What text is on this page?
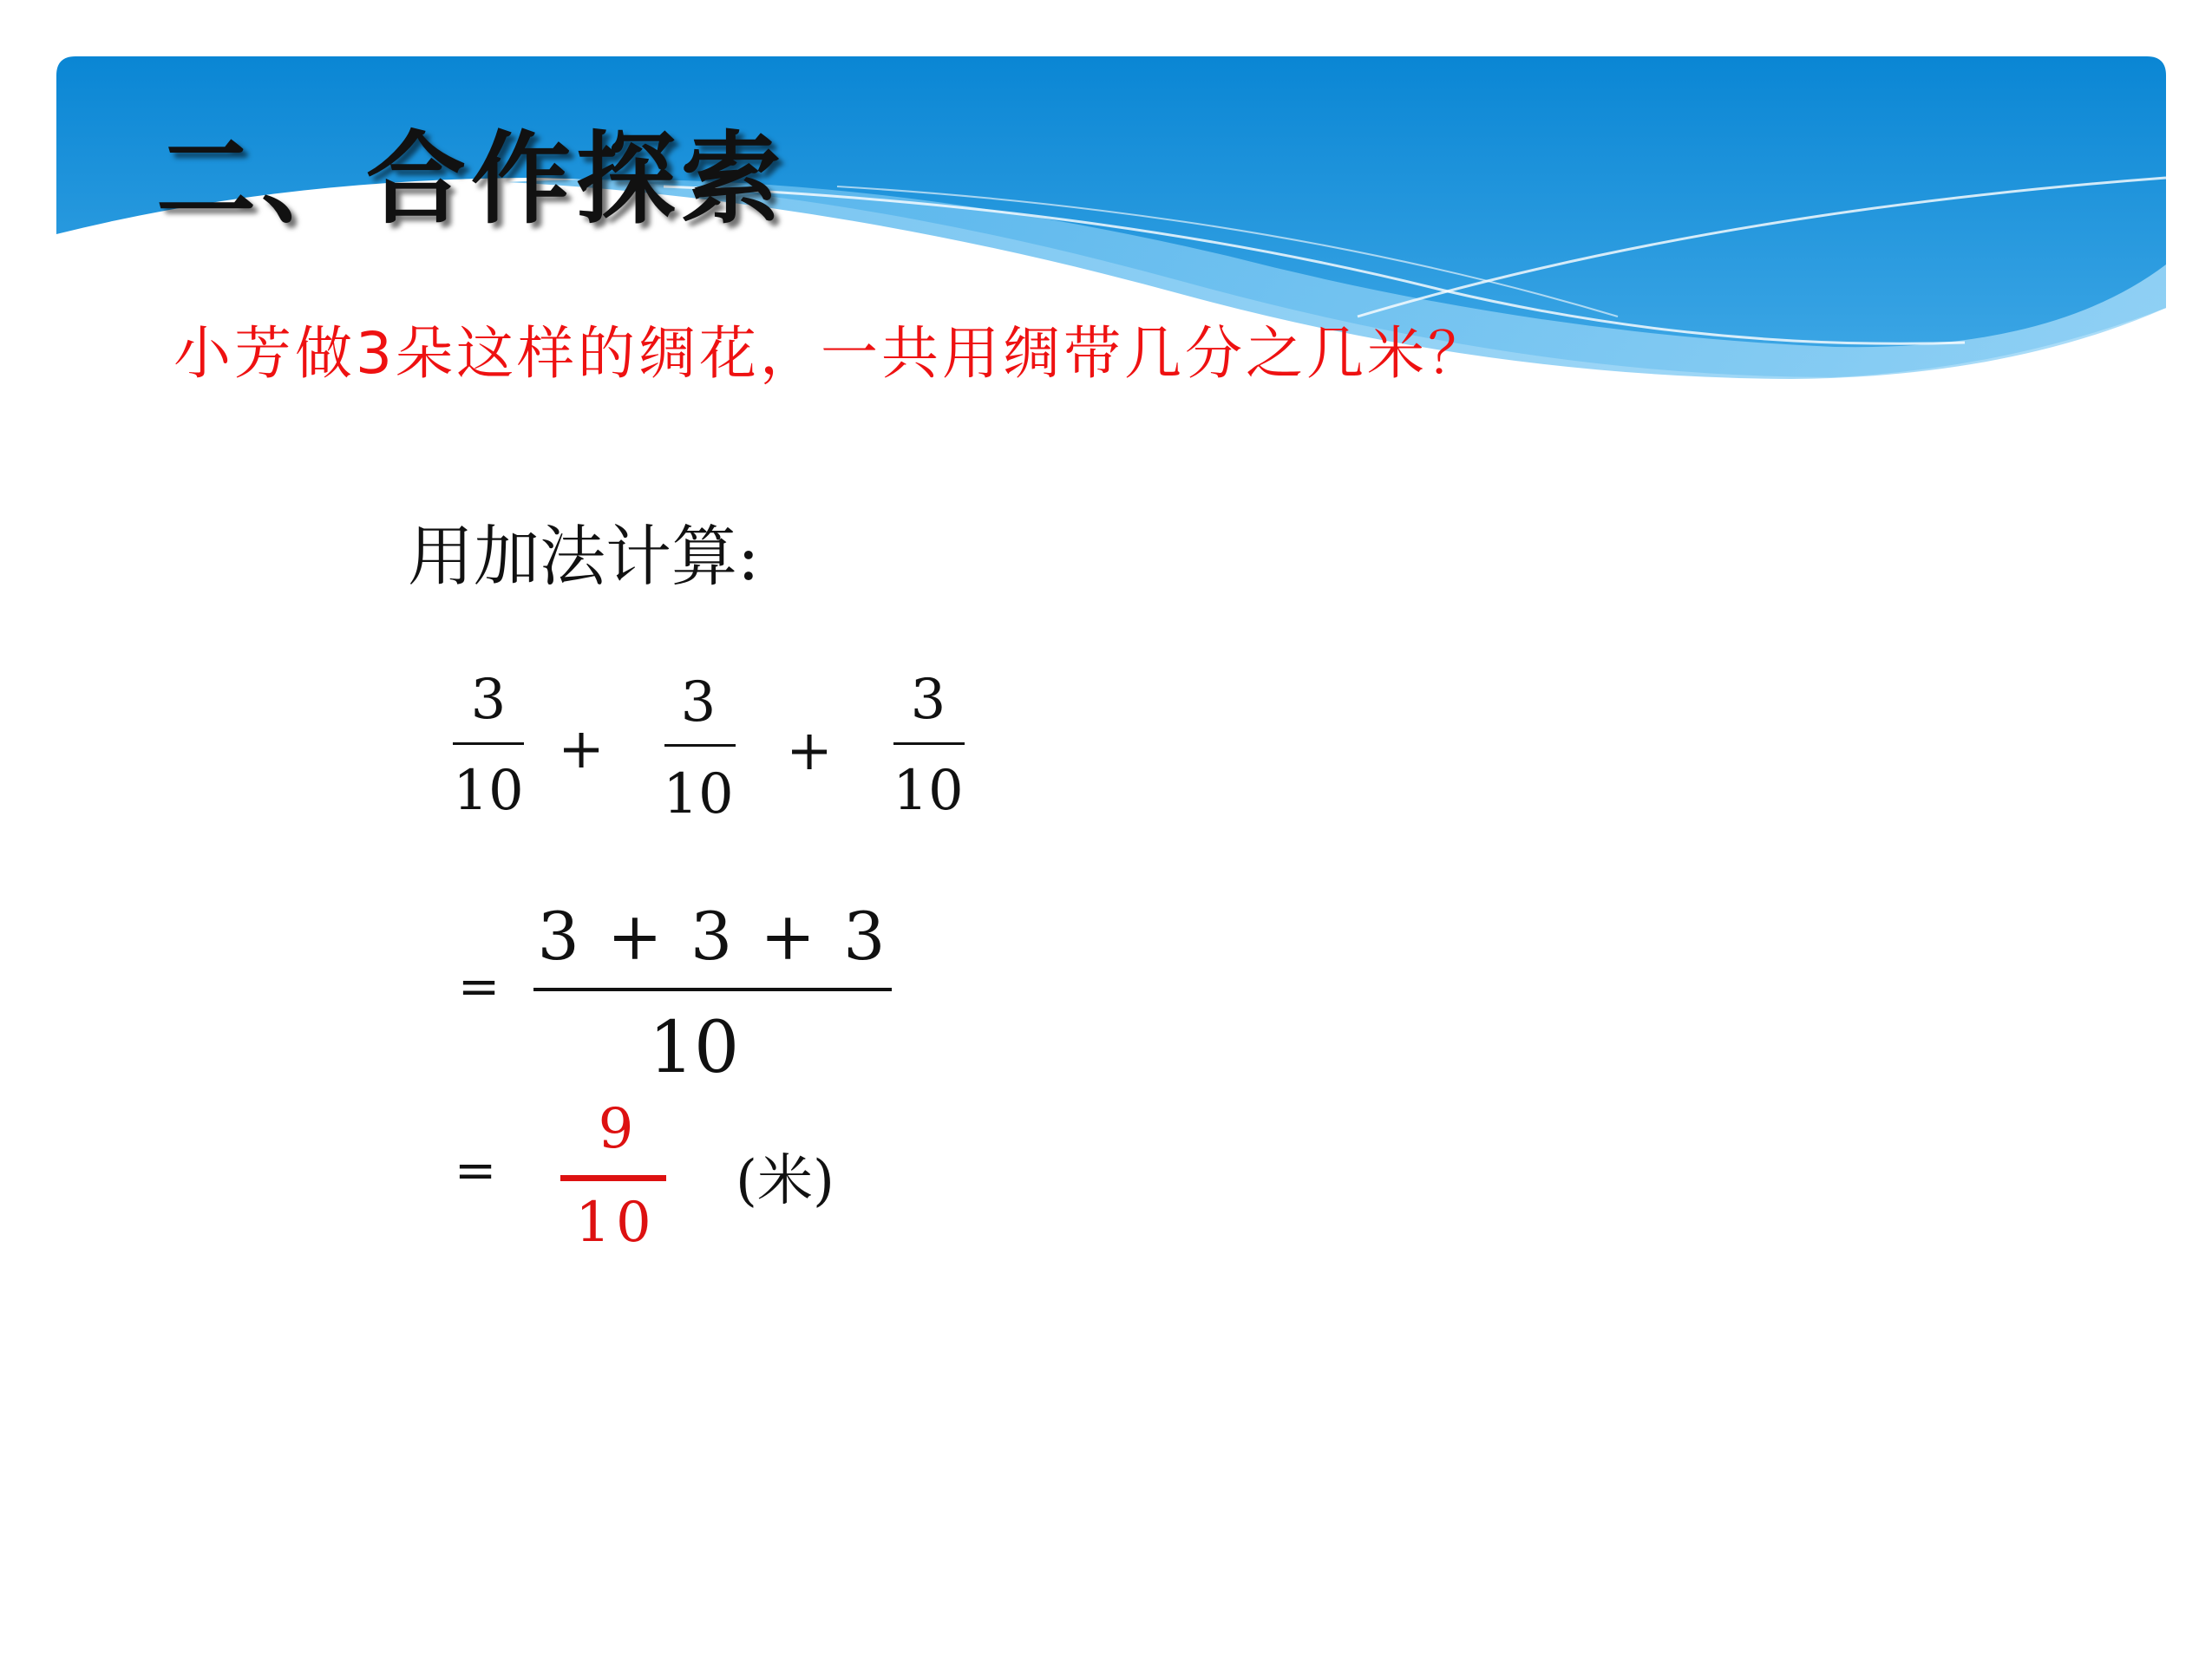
二、合作探索
小芳做3朵这样的绸花，一共用绸带几分之几米？
用加法计算:
3
10
+
3
10
+
3
10
=
3 + 3 + 3
10
=
9
10
(米)
